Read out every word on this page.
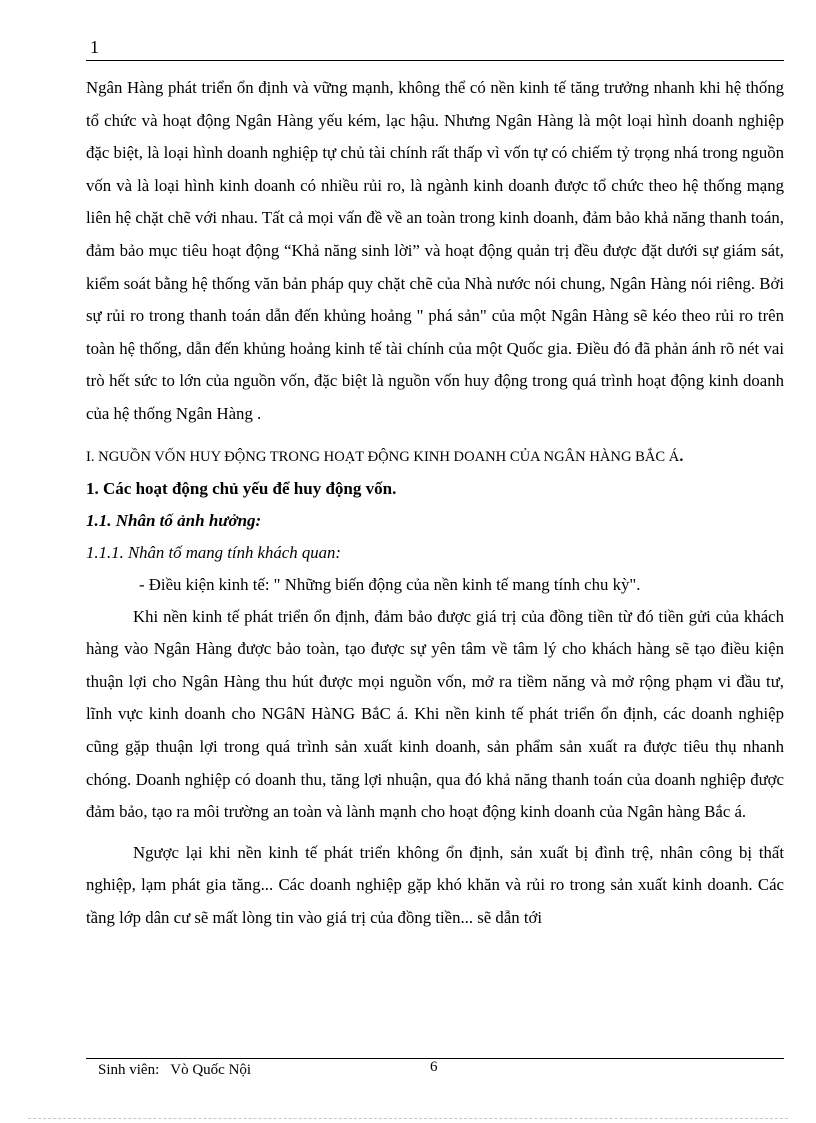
1

Ngân Hàng phát triển ổn định và vững mạnh, không thể có nền kinh tế tăng trưởng nhanh khi hệ thống tổ chức và hoạt động Ngân Hàng yếu kém, lạc hậu. Nhưng Ngân Hàng là một loại hình doanh nghiệp đặc biệt, là loại hình doanh nghiệp tự chủ tài chính rất thấp vì vốn tự có chiếm tỷ trọng nhá trong nguồn vốn và là loại hình kinh doanh có nhiều rủi ro, là ngành kinh doanh được tổ chức theo hệ thống mạng liên hệ chặt chẽ với nhau. Tất cả mọi vấn đề về an toàn trong kinh doanh, đảm bảo khả năng thanh toán, đảm bảo mục tiêu hoạt động “Khả năng sinh lời” và hoạt động quản trị đều được đặt dưới sự giám sát, kiểm soát bằng hệ thống văn bản pháp quy chặt chẽ của Nhà nước nói chung, Ngân Hàng nói riêng. Bởi sự rủi ro trong thanh toán dẫn đến khủng hoảng " phá sản" của một Ngân Hàng sẽ kéo theo rủi ro trên toàn hệ thống, dẫn đến khủng hoảng kinh tế tài chính của một Quốc gia. Điều đó đã phản ánh rõ nét vai trò hết sức to lớn của nguồn vốn, đặc biệt là nguồn vốn huy động trong quá trình hoạt động kinh doanh của hệ thống Ngân Hàng .

I. NGUỒN VỐN HUY ĐỘNG TRONG HOẠT ĐỘNG KINH DOANH CỦA NGÂN HÀNG BẮC Á.

1. Các hoạt động chủ yếu để huy động vốn.

1.1. Nhân tố ảnh hưởng:

1.1.1. Nhân tố mang tính khách quan:

- Điều kiện kinh tế: " Những biến động của nền kinh tế mang tính chu kỳ".

Khi nền kinh tế phát triển ổn định, đảm bảo được giá trị của đồng tiền từ đó tiền gửi của khách hàng vào Ngân Hàng được bảo toàn, tạo được sự yên tâm về tâm lý cho khách hàng sẽ tạo điều kiện thuận lợi cho Ngân Hàng thu hút được mọi nguồn vốn, mở ra tiềm năng và mở rộng phạm vi đầu tư, lĩnh vực kinh doanh cho NGâN HàNG BắC á. Khi nền kinh tế phát triển ổn định, các doanh nghiệp cũng gặp thuận lợi trong quá trình sản xuất kinh doanh, sản phẩm sản xuất ra được tiêu thụ nhanh chóng. Doanh nghiệp có doanh thu, tăng lợi nhuận, qua đó khả năng thanh toán của doanh nghiệp được đảm bảo, tạo ra môi trường an toàn và lành mạnh cho hoạt động kinh doanh của Ngân hàng Bắc á.

Ngược lại khi nền kinh tế phát triển không ổn định, sản xuất bị đình trệ, nhân công bị thất nghiệp, lạm phát gia tăng... Các doanh nghiệp gặp khó khăn và rủi ro trong sản xuất kinh doanh. Các tầng lớp dân cư sẽ mất lòng tin vào giá trị của đồng tiền... sẽ dẫn tới

Sinh viên: Vò Quốc Nội	6
